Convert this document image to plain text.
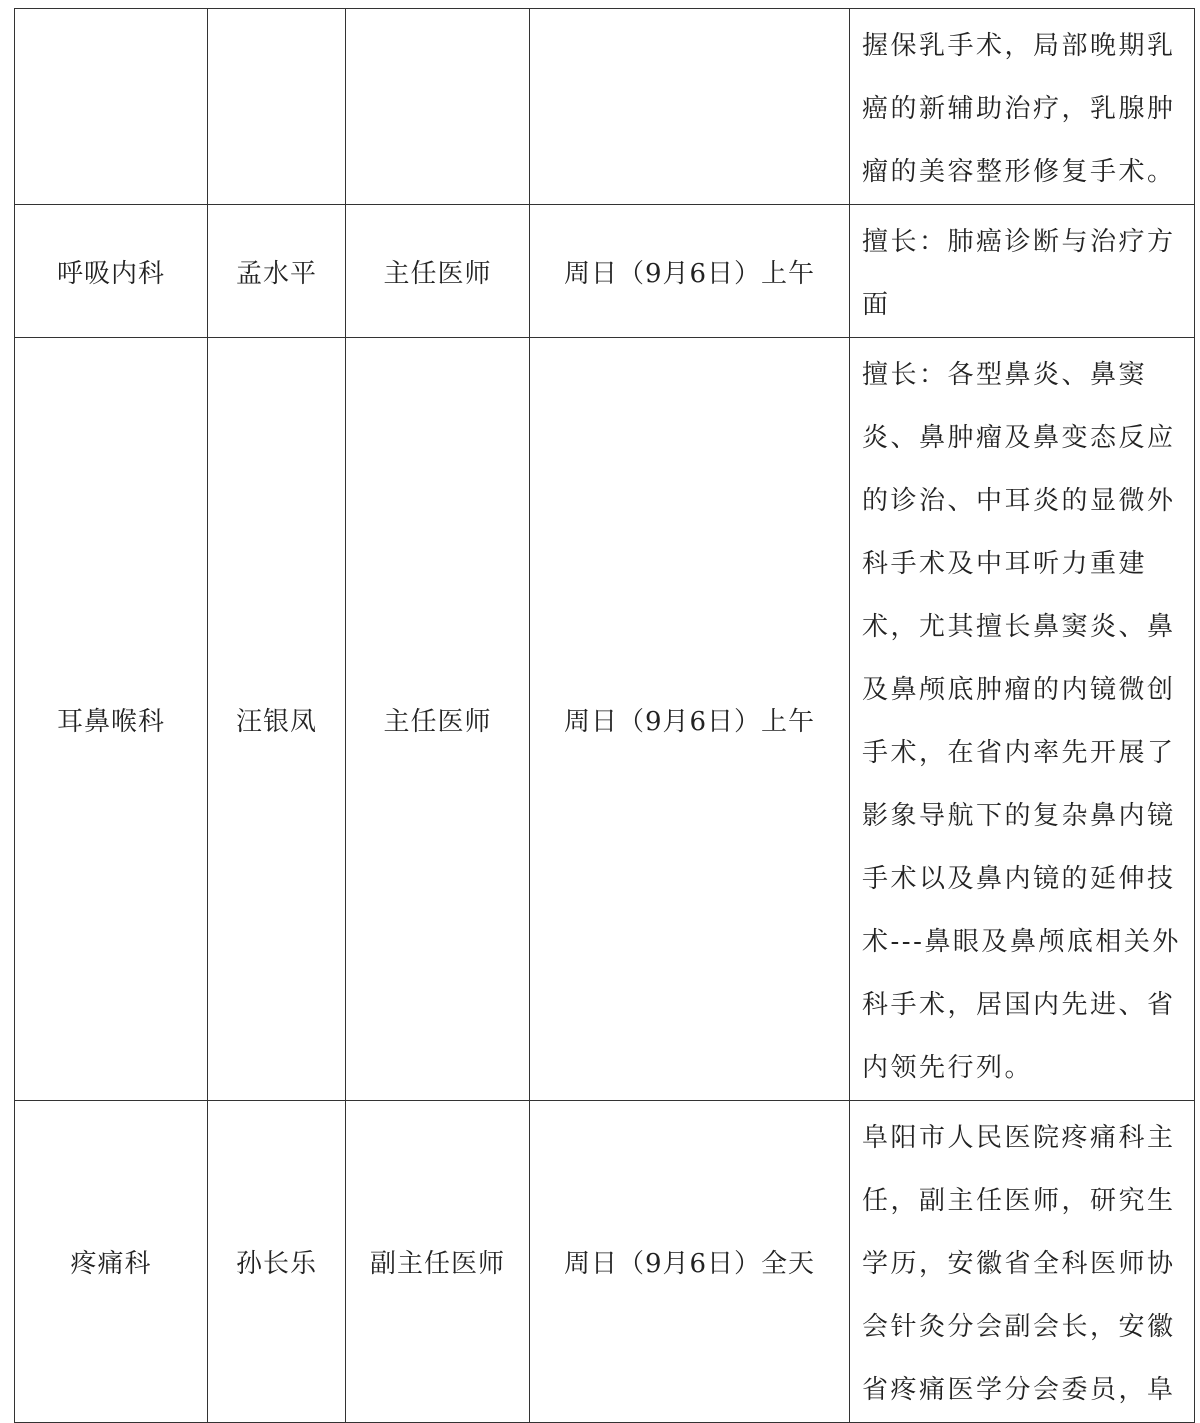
				握保乳手术，局部晚期乳癌的新辅助治疗，乳腺肿瘤的美容整形修复手术。
呼吸内科	孟水平	主任医师	周日（9月6日）上午	擅长：肺癌诊断与治疗方面
耳鼻喉科	汪银凤	主任医师	周日（9月6日）上午	擅长：各型鼻炎、鼻窦炎、鼻肿瘤及鼻变态反应的诊治、中耳炎的显微外科手术及中耳听力重建术，尤其擅长鼻窦炎、鼻及鼻颅底肿瘤的内镜微创手术，在省内率先开展了影象导航下的复杂鼻内镜手术以及鼻内镜的延伸技术---鼻眼及鼻颅底相关外科手术，居国内先进、省内领先行列。
疼痛科	孙长乐	副主任医师	周日（9月6日）全天	阜阳市人民医院疼痛科主任，副主任医师，研究生学历，安徽省全科医师协会针灸分会副会长，安徽省疼痛医学分会委员，阜
